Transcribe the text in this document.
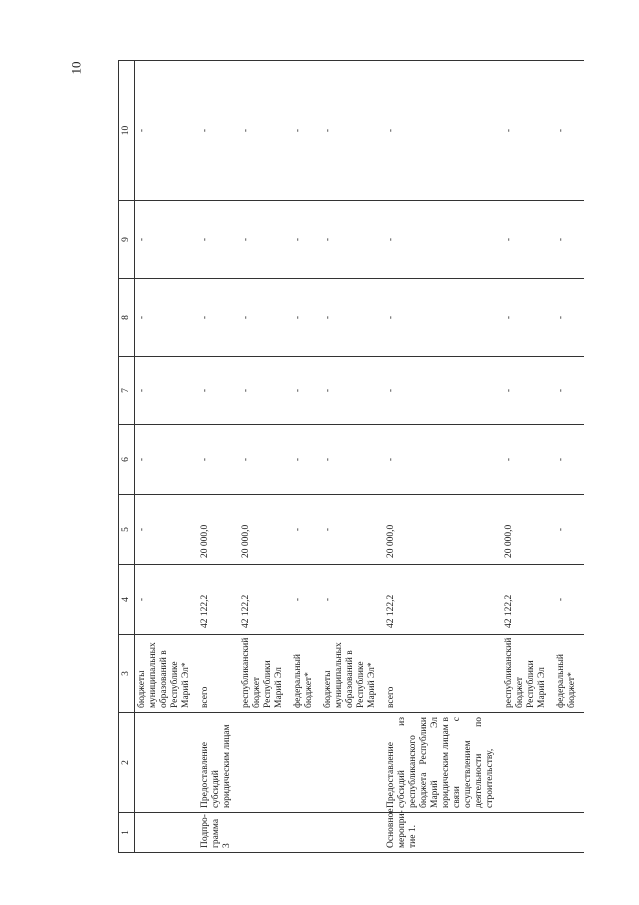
10
1	2	3	4	5	6	7	8	9	10
		бюджеты муниципальных образований в Республике Марий Эл*	-	-	-	-	-	-	-
Подпро- грамма 3	Предоставление субсидий юридическим лицам	всего	42 122,2	20 000,0	-	-	-	-	-
		республиканский бюджет Республики Марий Эл	42 122,2	20 000,0	-	-	-	-	-
		федеральный бюджет*	-	-	-	-	-	-	-
		бюджеты муниципальных образований в Республике Марий Эл*	-	-	-	-	-	-	-
Основное меропри- тие 1.	Предоставление субсидий из республиканского бюджета Республики Марий Эл юридическим лицам в связи с осуществлением деятельности по строительству,	всего	42 122,2	20 000,0	-	-	-	-	-
		республиканский бюджет Республики Марий Эл	42 122,2	20 000,0	-	-	-	-	-
		федеральный бюджет*	-	-	-	-	-	-	-
